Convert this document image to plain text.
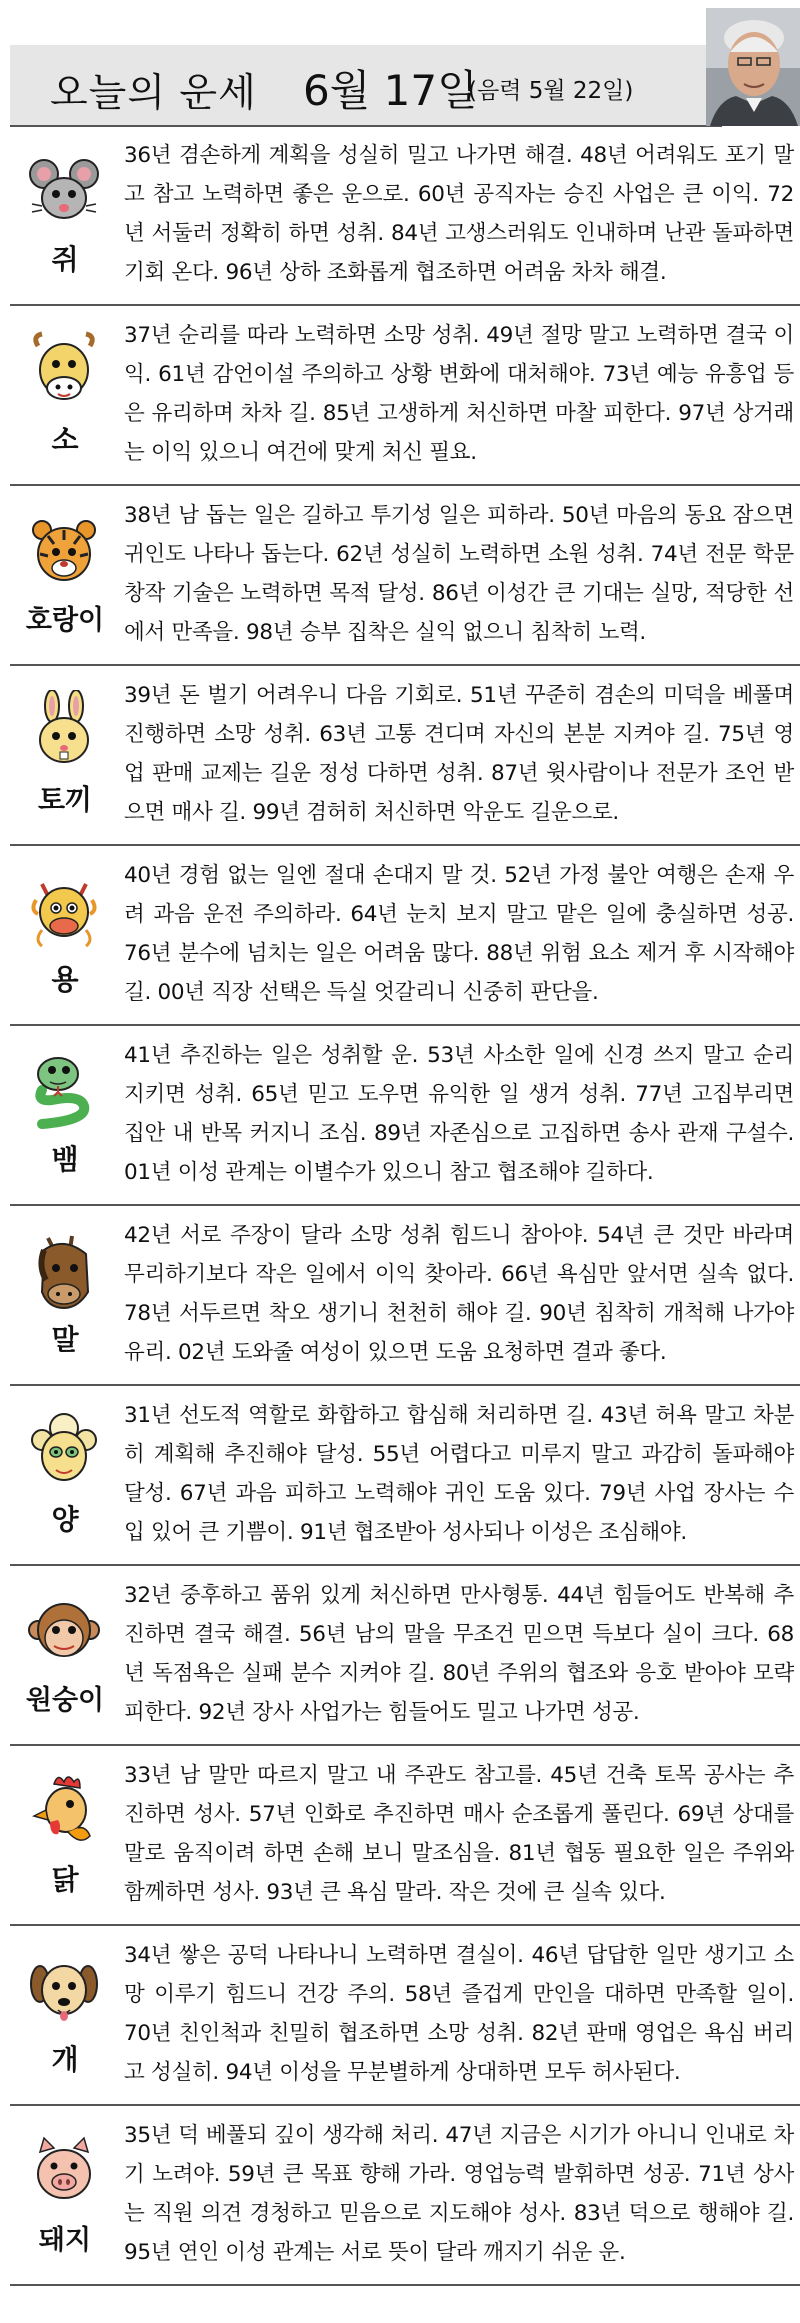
오늘의 운세 6월 17일
(음력 5월 22일)
쥐
36년 겸손하게 계획을 성실히 밀고 나가면 해결. 48년 어려워도 포기 말고 참고 노력하면 좋은 운으로. 60년 공직자는 승진 사업은 큰 이익. 72년 서둘러 정확히 하면 성취. 84년 고생스러워도 인내하며 난관 돌파하면 기회 온다. 96년 상하 조화롭게 협조하면 어려움 차차 해결.
소
37년 순리를 따라 노력하면 소망 성취. 49년 절망 말고 노력하면 결국 이익. 61년 감언이설 주의하고 상황 변화에 대처해야. 73년 예능 유흥업 등은 유리하며 차차 길. 85년 고생하게 처신하면 마찰 피한다. 97년 상거래는 이익 있으니 여건에 맞게 처신 필요.
호랑이
38년 남 돕는 일은 길하고 투기성 일은 피하라. 50년 마음의 동요 잠으면 귀인도 나타나 돕는다. 62년 성실히 노력하면 소원 성취. 74년 전문 학문 창작 기술은 노력하면 목적 달성. 86년 이성간 큰 기대는 실망, 적당한 선에서 만족을. 98년 승부 집착은 실익 없으니 침착히 노력.
토끼
39년 돈 벌기 어려우니 다음 기회로. 51년 꾸준히 겸손의 미덕을 베풀며 진행하면 소망 성취. 63년 고통 견디며 자신의 본분 지켜야 길. 75년 영업 판매 교제는 길운 정성 다하면 성취. 87년 윗사람이나 전문가 조언 받으면 매사 길. 99년 겸허히 처신하면 악운도 길운으로.
용
40년 경험 없는 일엔 절대 손대지 말 것. 52년 가정 불안 여행은 손재 우려 과음 운전 주의하라. 64년 눈치 보지 말고 맡은 일에 충실하면 성공. 76년 분수에 넘치는 일은 어려움 많다. 88년 위험 요소 제거 후 시작해야 길. 00년 직장 선택은 득실 엇갈리니 신중히 판단을.
뱀
41년 추진하는 일은 성취할 운. 53년 사소한 일에 신경 쓰지 말고 순리 지키면 성취. 65년 믿고 도우면 유익한 일 생겨 성취. 77년 고집부리면 집안 내 반목 커지니 조심. 89년 자존심으로 고집하면 송사 관재 구설수. 01년 이성 관계는 이별수가 있으니 참고 협조해야 길하다.
말
42년 서로 주장이 달라 소망 성취 힘드니 참아야. 54년 큰 것만 바라며 무리하기보다 작은 일에서 이익 찾아라. 66년 욕심만 앞서면 실속 없다. 78년 서두르면 착오 생기니 천천히 해야 길. 90년 침착히 개척해 나가야 유리. 02년 도와줄 여성이 있으면 도움 요청하면 결과 좋다.
양
31년 선도적 역할로 화합하고 합심해 처리하면 길. 43년 허욕 말고 차분히 계획해 추진해야 달성. 55년 어렵다고 미루지 말고 과감히 돌파해야 달성. 67년 과음 피하고 노력해야 귀인 도움 있다. 79년 사업 장사는 수입 있어 큰 기쁨이. 91년 협조받아 성사되나 이성은 조심해야.
원숭이
32년 중후하고 품위 있게 처신하면 만사형통. 44년 힘들어도 반복해 추진하면 결국 해결. 56년 남의 말을 무조건 믿으면 득보다 실이 크다. 68년 독점욕은 실패 분수 지켜야 길. 80년 주위의 협조와 응호 받아야 모략 피한다. 92년 장사 사업가는 힘들어도 밀고 나가면 성공.
닭
33년 남 말만 따르지 말고 내 주관도 참고를. 45년 건축 토목 공사는 추진하면 성사. 57년 인화로 추진하면 매사 순조롭게 풀린다. 69년 상대를 말로 움직이려 하면 손해 보니 말조심을. 81년 협동 필요한 일은 주위와 함께하면 성사. 93년 큰 욕심 말라. 작은 것에 큰 실속 있다.
개
34년 쌓은 공덕 나타나니 노력하면 결실이. 46년 답답한 일만 생기고 소망 이루기 힘드니 건강 주의. 58년 즐겁게 만인을 대하면 만족할 일이. 70년 친인척과 친밀히 협조하면 소망 성취. 82년 판매 영업은 욕심 버리고 성실히. 94년 이성을 무분별하게 상대하면 모두 허사된다.
돼지
35년 덕 베풀되 깊이 생각해 처리. 47년 지금은 시기가 아니니 인내로 차기 노려야. 59년 큰 목표 향해 가라. 영업능력 발휘하면 성공. 71년 상사는 직원 의견 경청하고 믿음으로 지도해야 성사. 83년 덕으로 행해야 길. 95년 연인 이성 관계는 서로 뜻이 달라 깨지기 쉬운 운.
